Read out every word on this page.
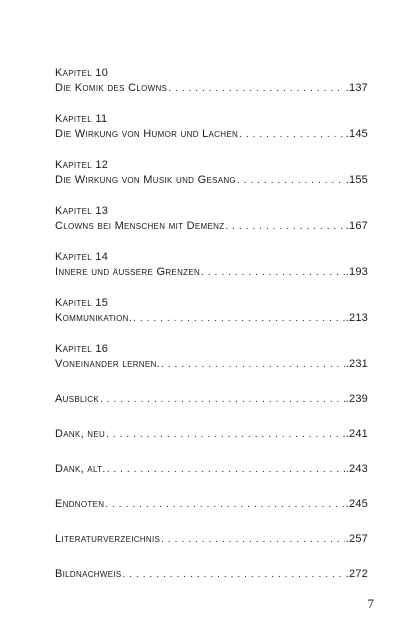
Kapitel 10
Die Komik des Clowns . . .	.137
Kapitel 11
Die Wirkung von Humor und Lachen . . .	.145
Kapitel 12
Die Wirkung von Musik und Gesang . . .	.155
Kapitel 13
Clowns bei Menschen mit Demenz . . .	.167
Kapitel 14
Innere und äussere Grenzen . . .	.193
Kapitel 15
Kommunikation. . . .	.213
Kapitel 16
Voneinander lernen. . . .	.231
Ausblick . . .	.239
Dank, neu . . .	.241
Dank, alt. . . .	.243
Endnoten . . .	.245
Literaturverzeichnis . . .	.257
Bildnachweis . . .	.272
7
